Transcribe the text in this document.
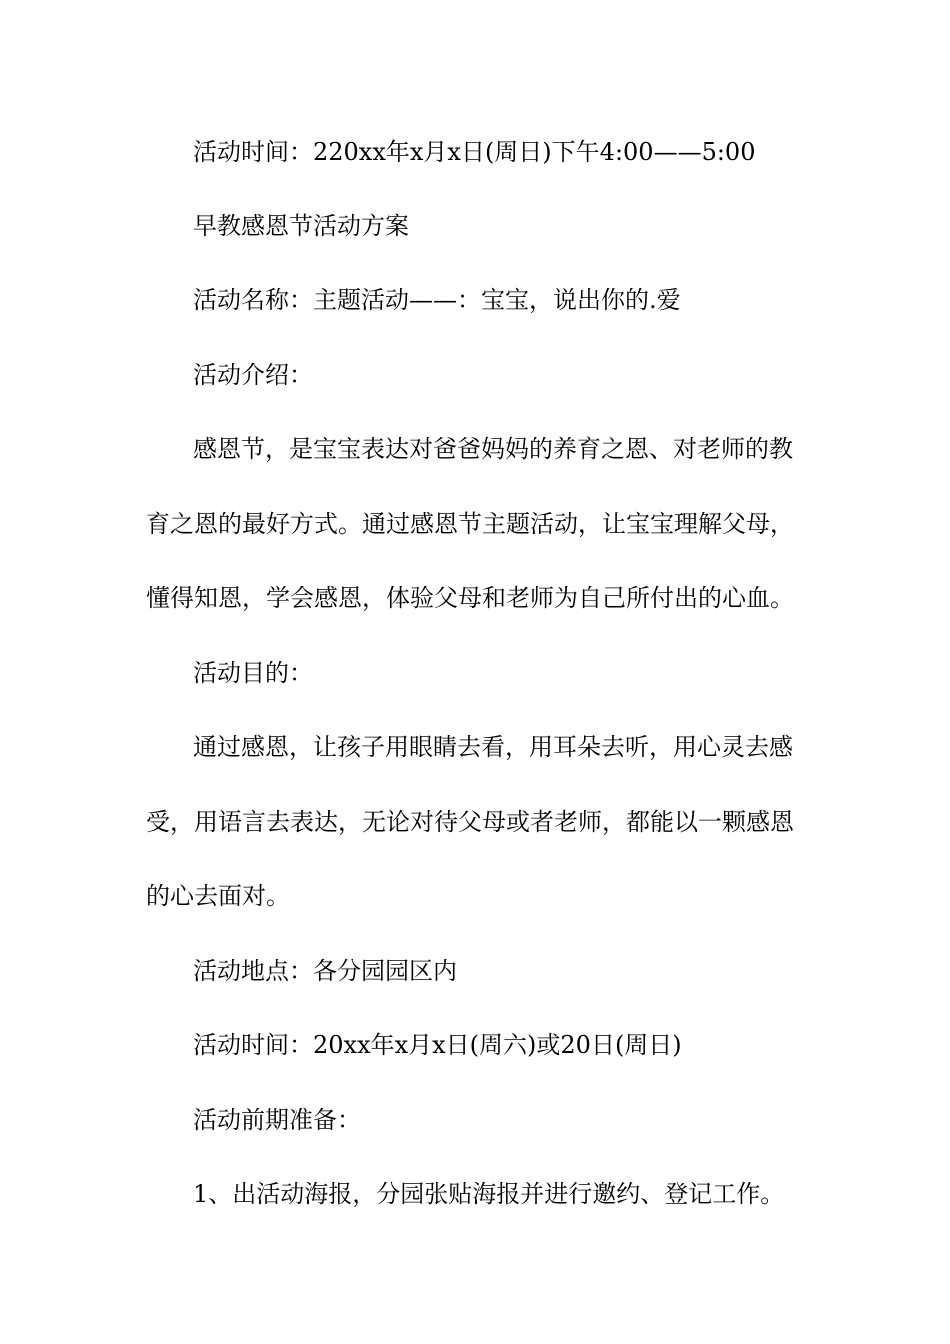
活动时间：220xx年x月x日(周日)下午4:00——5:00

早教感恩节活动方案

活动名称：主题活动——：宝宝，说出你的.爱

活动介绍：

感恩节，是宝宝表达对爸爸妈妈的养育之恩、对老师的教

育之恩的最好方式。通过感恩节主题活动，让宝宝理解父母，

懂得知恩，学会感恩，体验父母和老师为自己所付出的心血。

活动目的：

通过感恩，让孩子用眼睛去看，用耳朵去听，用心灵去感

受，用语言去表达，无论对待父母或者老师，都能以一颗感恩

的心去面对。

活动地点：各分园园区内

活动时间：20xx年x月x日(周六)或20日(周日)

活动前期准备：

1、出活动海报，分园张贴海报并进行邀约、登记工作。
